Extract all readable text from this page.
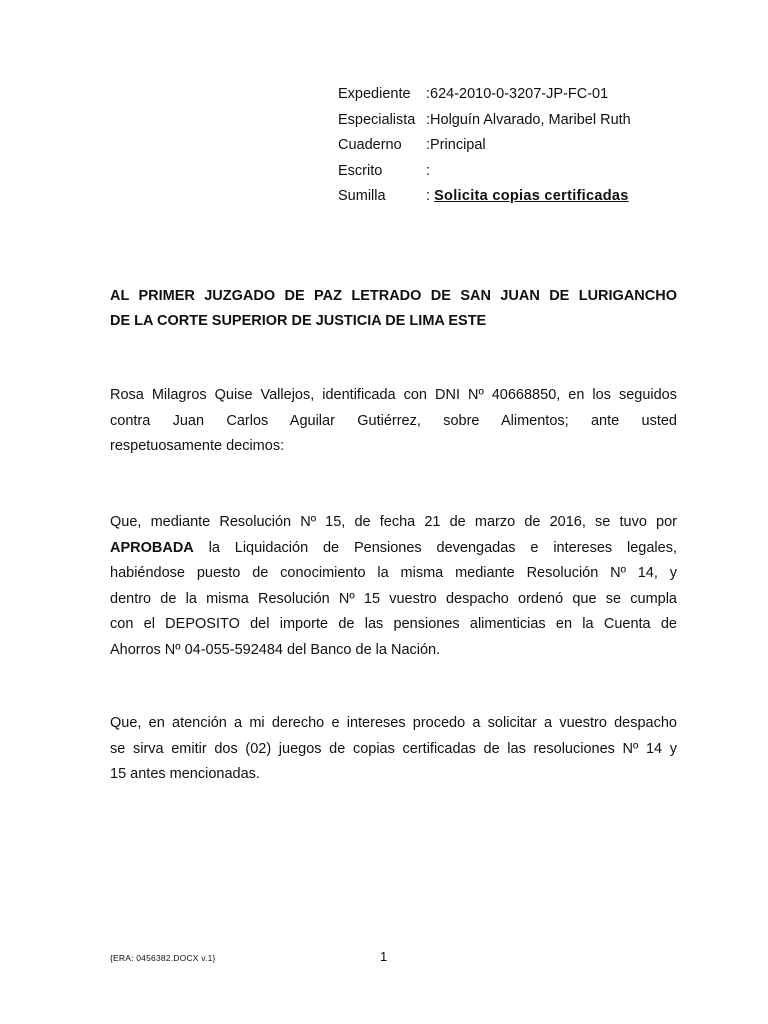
Expediente :624-2010-0-3207-JP-FC-01
Especialista :Holguín Alvarado, Maribel Ruth
Cuaderno :Principal
Escrito	:
Sumilla	: Solicita copias certificadas
AL PRIMER JUZGADO DE PAZ LETRADO DE SAN JUAN DE LURIGANCHO
DE LA CORTE SUPERIOR DE JUSTICIA DE LIMA ESTE
Rosa Milagros Quise Vallejos, identificada con DNI Nº 40668850, en los seguidos
contra Juan Carlos Aguilar Gutiérrez, sobre Alimentos; ante usted
respetuosamente decimos:
Que, mediante Resolución Nº 15, de fecha 21 de marzo de 2016, se tuvo por
APROBADA la Liquidación de Pensiones devengadas e intereses legales,
habiéndose puesto de conocimiento la misma mediante Resolución Nº 14, y
dentro de la misma Resolución Nº 15 vuestro despacho ordenó que se cumpla
con el DEPOSITO del importe de las pensiones alimenticias en la Cuenta de
Ahorros Nº 04-055-592484 del Banco de la Nación.
Que, en atención a mi derecho e intereses procedo a solicitar a vuestro despacho
se sirva emitir dos (02) juegos de copias certificadas de las resoluciones Nº 14 y
15 antes mencionadas.
{ERA: 0456382.DOCX v.1}	1
